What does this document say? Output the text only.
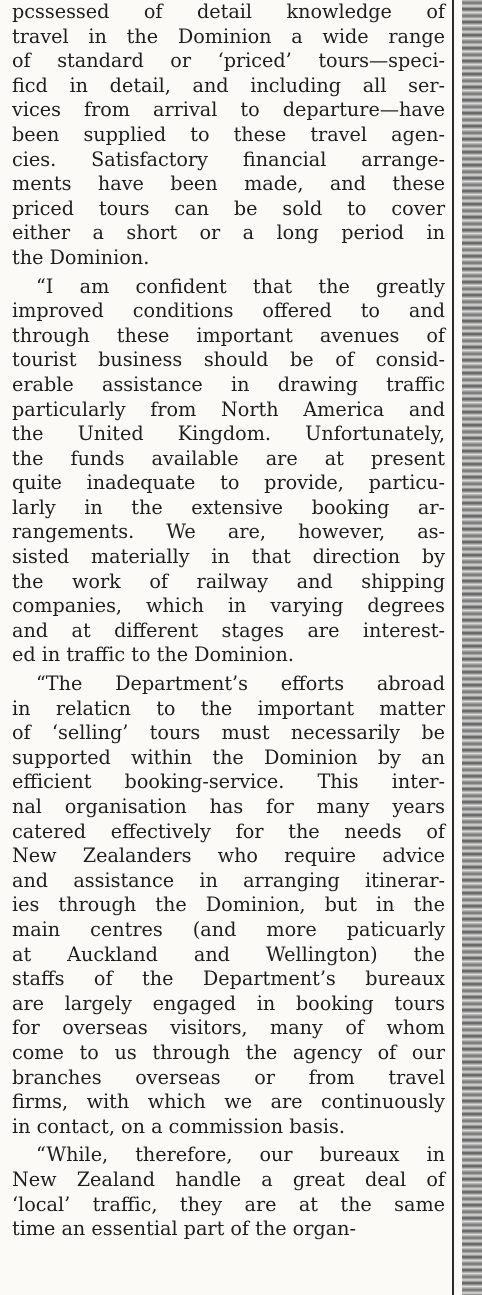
pcssessed of detail knowledge of
travel in the Dominion a wide range
of standard or ‘priced’ tours—speci-
ficd in detail, and including all ser-
vices from arrival to departure—have
been supplied to these travel agen-
cies. Satisfactory financial arrange-
ments have been made, and these
priced tours can be sold to cover
either a short or a long period in
the Dominion.
“I am confident that the greatly
improved conditions offered to and
through these important avenues of
tourist business should be of consid-
erable assistance in drawing traffic
particularly from North America and
the United Kingdom. Unfortunately,
the funds available are at present
quite inadequate to provide, particu-
larly in the extensive booking ar-
rangements. We are, however, as-
sisted materially in that direction by
the work of railway and shipping
companies, which in varying degrees
and at different stages are interest-
ed in traffic to the Dominion.
“The Department’s efforts abroad
in relaticn to the important matter
of ‘selling’ tours must necessarily be
supported within the Dominion by an
efficient booking-service. This inter-
nal organisation has for many years
catered effectively for the needs of
New Zealanders who require advice
and assistance in arranging itinerar-
ies through the Dominion, but in the
main centres (and more paticuarly
at Auckland and Wellington) the
staffs of the Department’s bureaux
are largely engaged in booking tours
for overseas visitors, many of whom
come to us through the agency of our
branches overseas or from travel
firms, with which we are continuously
in contact, on a commission basis.
“While, therefore, our bureaux in
New Zealand handle a great deal of
‘local’ traffic, they are at the same
time an essential part of the organ-
